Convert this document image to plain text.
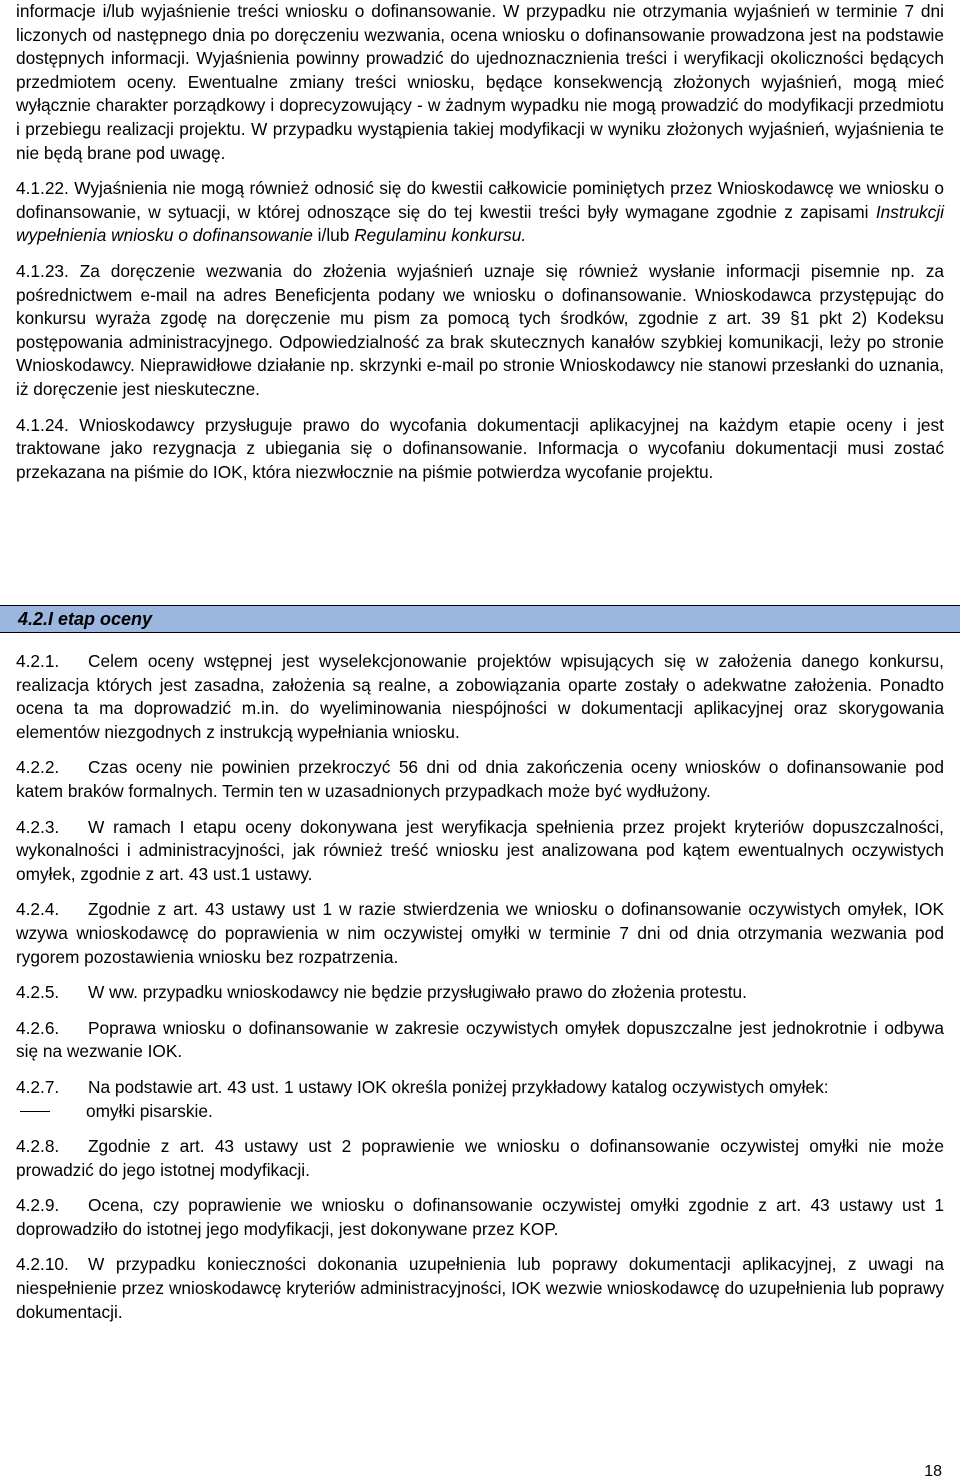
informacje i/lub wyjaśnienie treści wniosku o dofinansowanie. W przypadku nie otrzymania wyjaśnień w terminie 7 dni liczonych od następnego dnia po doręczeniu wezwania, ocena wniosku o dofinansowanie prowadzona jest na podstawie dostępnych informacji. Wyjaśnienia powinny prowadzić do ujednoznacznienia treści i weryfikacji okoliczności będących przedmiotem oceny. Ewentualne zmiany treści wniosku, będące konsekwencją złożonych wyjaśnień, mogą mieć wyłącznie charakter porządkowy i doprecyzowujący - w żadnym wypadku nie mogą prowadzić do modyfikacji przedmiotu i przebiegu realizacji projektu. W przypadku wystąpienia takiej modyfikacji w wyniku złożonych wyjaśnień, wyjaśnienia te nie będą brane pod uwagę.

4.1.22. Wyjaśnienia nie mogą również odnosić się do kwestii całkowicie pominiętych przez Wnioskodawcę we wniosku o dofinansowanie, w sytuacji, w której odnoszące się do tej kwestii treści były wymagane zgodnie z zapisami Instrukcji wypełnienia wniosku o dofinansowanie i/lub Regulaminu konkursu.

4.1.23. Za doręczenie wezwania do złożenia wyjaśnień uznaje się również wysłanie informacji pisemnie np. za pośrednictwem e-mail na adres Beneficjenta podany we wniosku o dofinansowanie. Wnioskodawca przystępując do konkursu wyraża zgodę na doręczenie mu pism za pomocą tych środków, zgodnie z art. 39 §1 pkt 2) Kodeksu postępowania administracyjnego. Odpowiedzialność za brak skutecznych kanałów szybkiej komunikacji, leży po stronie Wnioskodawcy. Nieprawidłowe działanie np. skrzynki e-mail po stronie Wnioskodawcy nie stanowi przesłanki do uznania, iż doręczenie jest nieskuteczne.

4.1.24. Wnioskodawcy przysługuje prawo do wycofania dokumentacji aplikacyjnej na każdym etapie oceny i jest traktowane jako rezygnacja z ubiegania się o dofinansowanie. Informacja o wycofaniu dokumentacji musi zostać przekazana na piśmie do IOK, która niezwłocznie na piśmie potwierdza wycofanie projektu.

4.2.I etap oceny

4.2.1. Celem oceny wstępnej jest wyselekcjonowanie projektów wpisujących się w założenia danego konkursu, realizacja których jest zasadna, założenia są realne, a zobowiązania oparte zostały o adekwatne założenia. Ponadto ocena ta ma doprowadzić m.in. do wyeliminowania niespójności w dokumentacji aplikacyjnej oraz skorygowania elementów niezgodnych z instrukcją wypełniania wniosku.

4.2.2. Czas oceny nie powinien przekroczyć 56 dni od dnia zakończenia oceny wniosków o dofinansowanie pod katem braków formalnych. Termin ten w uzasadnionych przypadkach może być wydłużony.

4.2.3. W ramach I etapu oceny dokonywana jest weryfikacja spełnienia przez projekt kryteriów dopuszczalności, wykonalności i administracyjności, jak również treść wniosku jest analizowana pod kątem ewentualnych oczywistych omyłek, zgodnie z art. 43 ust.1 ustawy.

4.2.4. Zgodnie z art. 43 ustawy ust 1 w razie stwierdzenia we wniosku o dofinansowanie oczywistych omyłek, IOK wzywa wnioskodawcę do poprawienia w nim oczywistej omyłki w terminie 7 dni od dnia otrzymania wezwania pod rygorem pozostawienia wniosku bez rozpatrzenia.

4.2.5. W ww. przypadku wnioskodawcy nie będzie przysługiwało prawo do złożenia protestu.

4.2.6. Poprawa wniosku o dofinansowanie w zakresie oczywistych omyłek dopuszczalne jest jednokrotnie i odbywa się na wezwanie IOK.

4.2.7. Na podstawie art. 43 ust. 1 ustawy IOK określa poniżej przykładowy katalog oczywistych omyłek:

omyłki pisarskie.

4.2.8. Zgodnie z art. 43 ustawy ust 2 poprawienie we wniosku o dofinansowanie oczywistej omyłki nie może prowadzić do jego istotnej modyfikacji.

4.2.9. Ocena, czy poprawienie we wniosku o dofinansowanie oczywistej omyłki zgodnie z art. 43 ustawy ust 1 doprowadziło do istotnej jego modyfikacji, jest dokonywane przez KOP.

4.2.10. W przypadku konieczności dokonania uzupełnienia lub poprawy dokumentacji aplikacyjnej, z uwagi na niespełnienie przez wnioskodawcę kryteriów administracyjności, IOK wezwie wnioskodawcę do uzupełnienia lub poprawy dokumentacji.

18
